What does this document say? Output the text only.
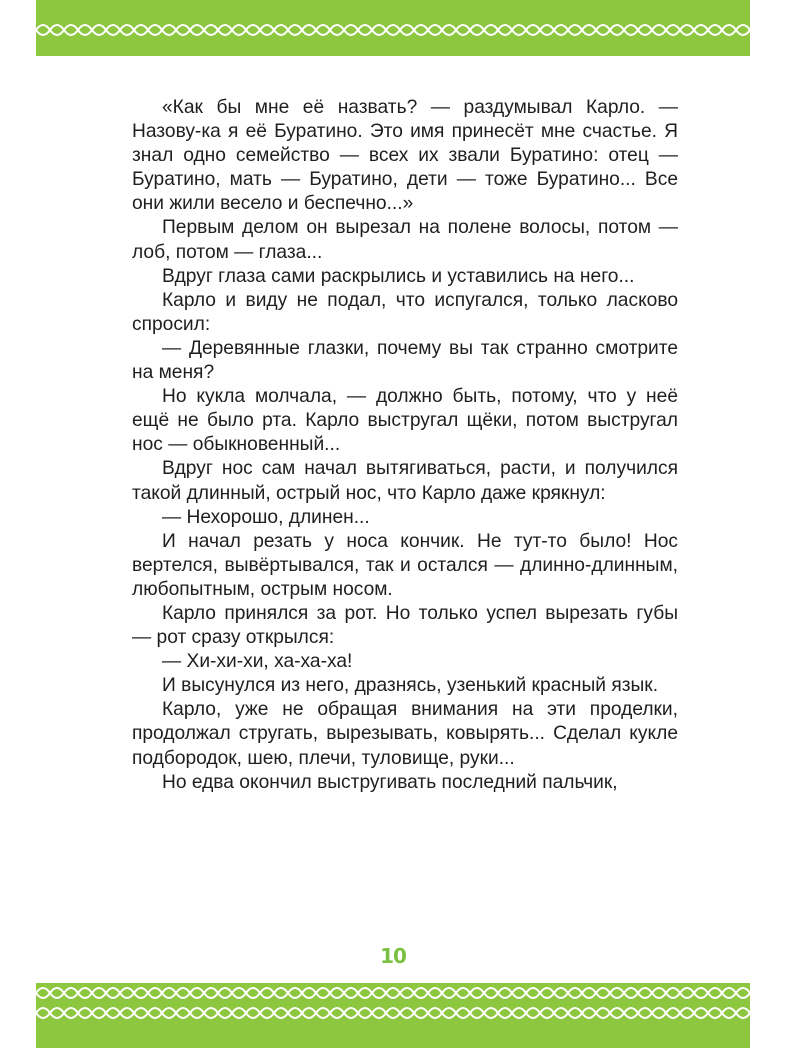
«Как бы мне её назвать? — раздумывал Карло. — Назову-ка я её Буратино. Это имя принесёт мне счастье. Я знал одно семейство — всех их звали Буратино: отец — Буратино, мать — Буратино, дети — тоже Буратино... Все они жили весело и беспечно...»

Первым делом он вырезал на полене волосы, потом — лоб, потом — глаза...

Вдруг глаза сами раскрылись и уставились на него...

Карло и виду не подал, что испугался, только ласково спросил:

— Деревянные глазки, почему вы так странно смотрите на меня?

Но кукла молчала, — должно быть, потому, что у неё ещё не было рта. Карло выстругал щёки, потом выстругал нос — обыкновенный...

Вдруг нос сам начал вытягиваться, расти, и получился такой длинный, острый нос, что Карло даже крякнул:

— Нехорошо, длинен...

И начал резать у носа кончик. Не тут-то было! Нос вертелся, вывёртывался, так и остался — длинно-длинным, любопытным, острым носом.

Карло принялся за рот. Но только успел вырезать губы — рот сразу открылся:

— Хи-хи-хи, ха-ха-ха!

И высунулся из него, дразнясь, узенький красный язык.

Карло, уже не обращая внимания на эти проделки, продолжал стругать, вырезывать, ковырять... Сделал кукле подбородок, шею, плечи, туловище, руки...

Но едва окончил выстругивать последний пальчик,

10
